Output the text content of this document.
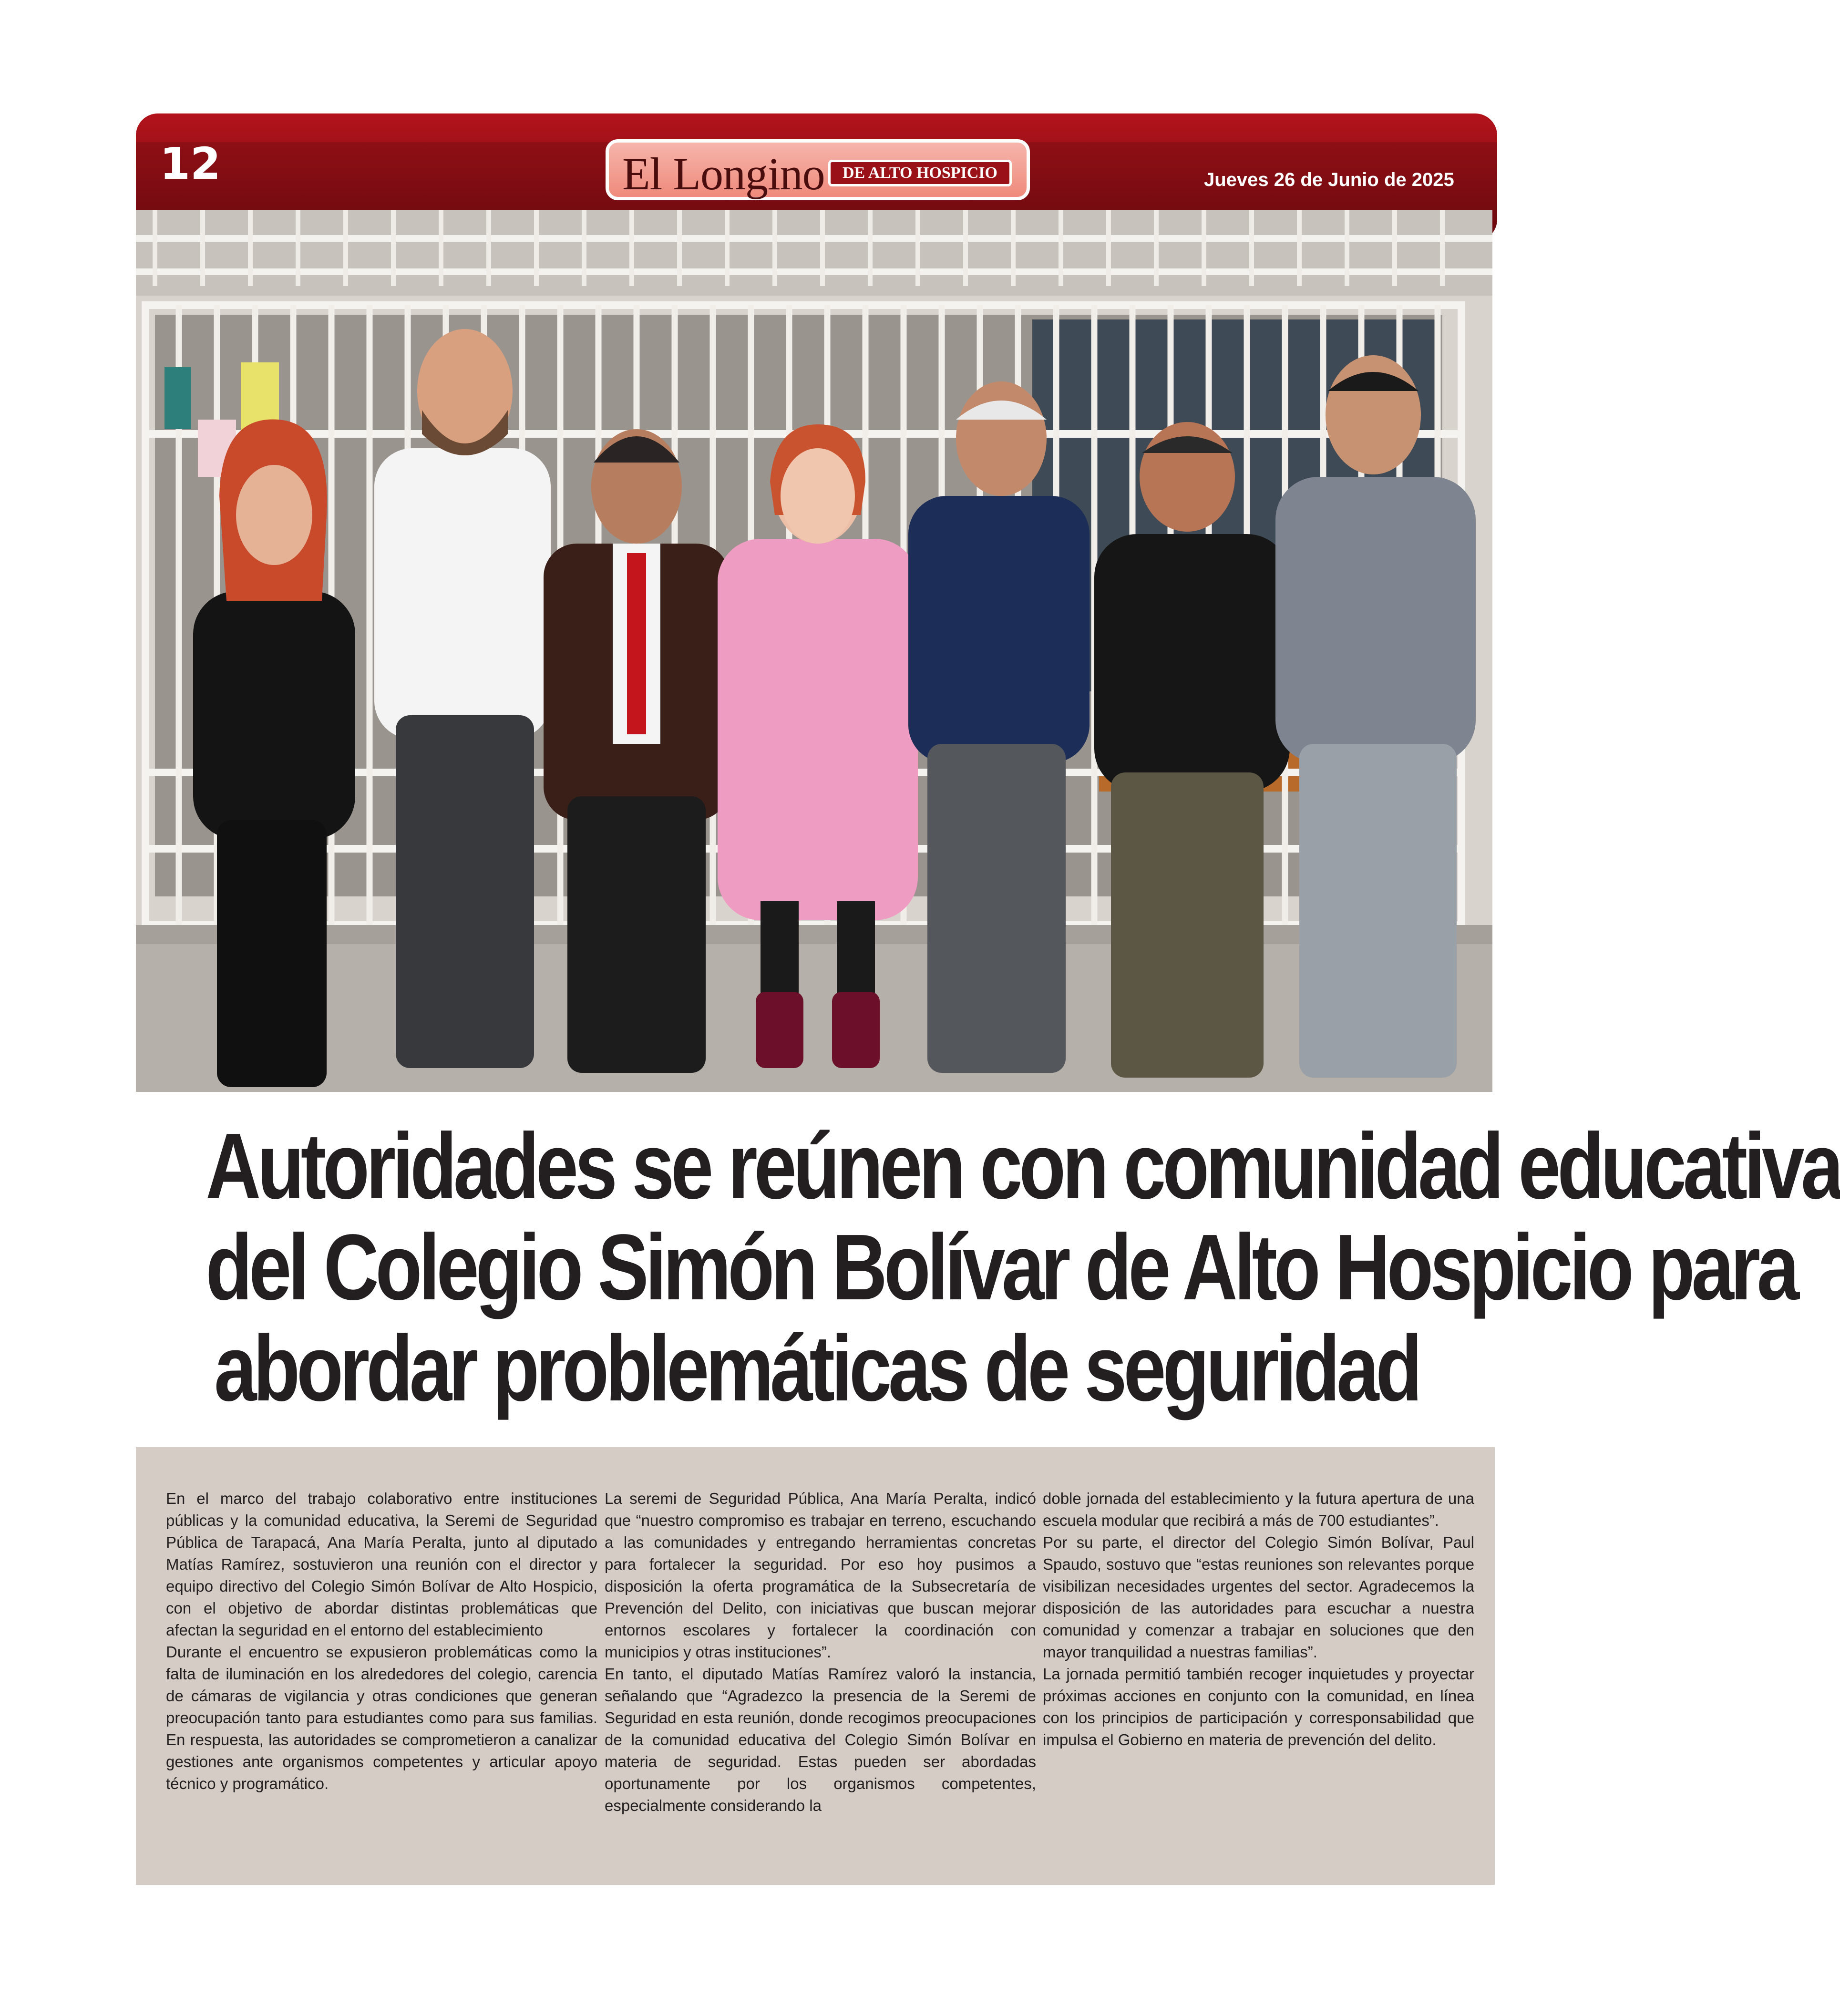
12	El Longino	DE ALTO HOSPICIO	Jueves 26 de Junio de 2025
Autoridades se reúnen con comunidad educativa
del Colegio Simón Bolívar de Alto Hospicio para
abordar problemáticas de seguridad

En el marco del trabajo colaborativo entre instituciones públicas y la comunidad educativa, la Seremi de Seguridad Pública de Tarapacá, Ana María Peralta, junto al diputado Matías Ramírez, sostuvieron una reunión con el director y equipo directivo del Colegio Simón Bolívar de Alto Hospicio, con el objetivo de abordar distintas problemáticas que afectan la seguridad en el entorno del establecimiento

Durante el encuentro se expusieron problemáticas como la falta de iluminación en los alrededores del colegio, carencia de cámaras de vigilancia y otras condiciones que generan preocupación tanto para estudiantes como para sus familias. En respuesta, las autoridades se comprometieron a canalizar gestiones ante organismos competentes y articular apoyo técnico y programático.

La seremi de Seguridad Pública, Ana María Peralta, indicó que “nuestro compromiso es trabajar en terreno, escuchando a las comunidades y entregando herramientas concretas para fortalecer la seguridad. Por eso hoy pusimos a disposición la oferta programática de la Subsecretaría de Prevención del Delito, con iniciativas que buscan mejorar entornos escolares y fortalecer la coordinación con municipios y otras instituciones”.

En tanto, el diputado Matías Ramírez valoró la instancia, señalando que “Agradezco la presencia de la Seremi de Seguridad en esta reunión, donde recogimos preocupaciones de la comunidad educativa del Colegio Simón Bolívar en materia de seguridad. Estas pueden ser abordadas oportunamente por los organismos competentes, especialmente considerando la

doble jornada del establecimiento y la futura apertura de una escuela modular que recibirá a más de 700 estudiantes”.

Por su parte, el director del Colegio Simón Bolívar, Paul Spaudo, sostuvo que “estas reuniones son relevantes porque visibilizan necesidades urgentes del sector. Agradecemos la disposición de las autoridades para escuchar a nuestra comunidad y comenzar a trabajar en soluciones que den mayor tranquilidad a nuestras familias”.

La jornada permitió también recoger inquietudes y proyectar próximas acciones en conjunto con la comunidad, en línea con los principios de participación y corresponsabilidad que impulsa el Gobierno en materia de prevención del delito.
